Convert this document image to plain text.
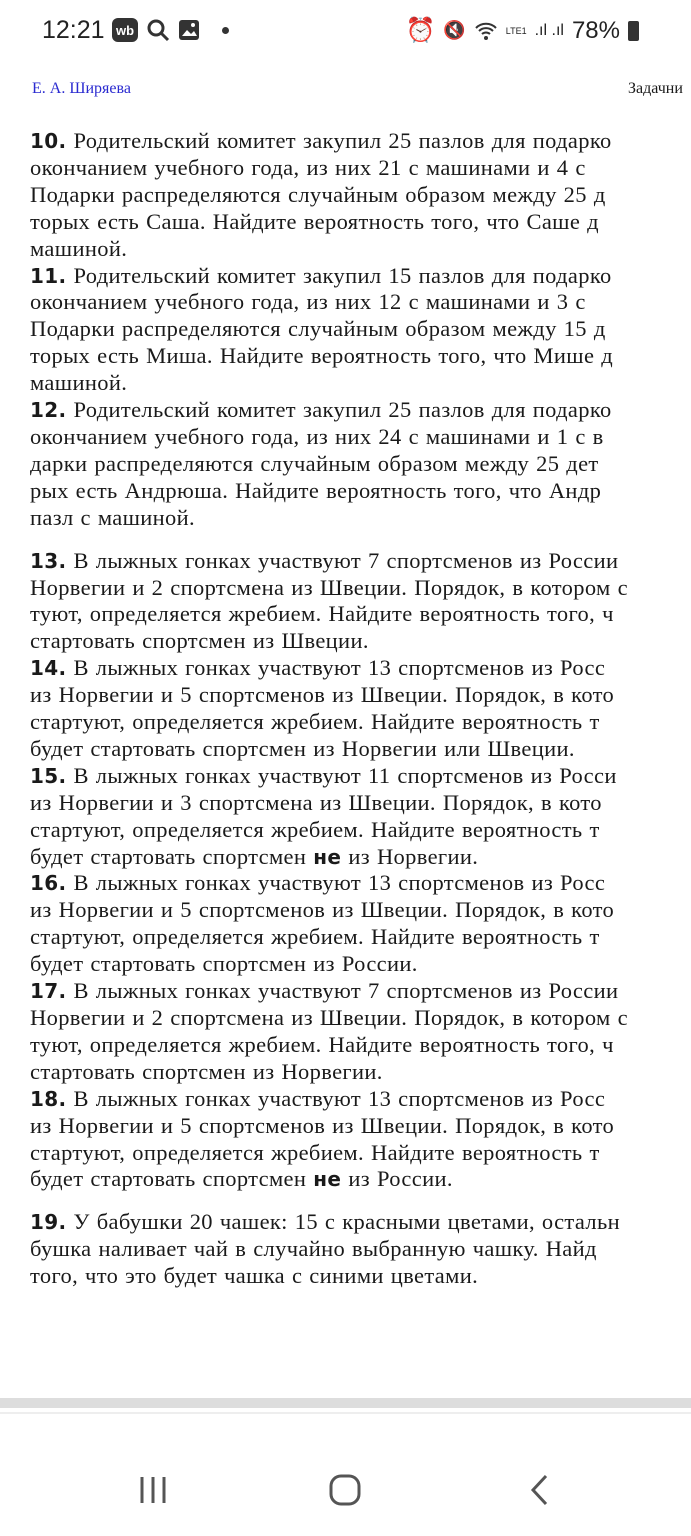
12:21 wb	⏰ 🔇	LTE1 .ıl .ıl 78%
Е. А. Ширяева	Задачни
10. Родительский комитет закупил 25 пазлов для подарко
окончанием учебного года, из них 21 с машинами и 4 с
Подарки распределяются случайным образом между 25 д
торых есть Саша. Найдите вероятность того, что Саше д
машиной.
11. Родительский комитет закупил 15 пазлов для подарко
окончанием учебного года, из них 12 с машинами и 3 с
Подарки распределяются случайным образом между 15 д
торых есть Миша. Найдите вероятность того, что Мише д
машиной.
12. Родительский комитет закупил 25 пазлов для подарко
окончанием учебного года, из них 24 с машинами и 1 с в
дарки распределяются случайным образом между 25 дет
рых есть Андрюша. Найдите вероятность того, что Андр
пазл с машиной.
13. В лыжных гонках участвуют 7 спортсменов из России
Норвегии и 2 спортсмена из Швеции. Порядок, в котором с
туют, определяется жребием. Найдите вероятность того, ч
стартовать спортсмен из Швеции.
14. В лыжных гонках участвуют 13 спортсменов из Росс
из Норвегии и 5 спортсменов из Швеции. Порядок, в кото
стартуют, определяется жребием. Найдите вероятность т
будет стартовать спортсмен из Норвегии или Швеции.
15. В лыжных гонках участвуют 11 спортсменов из Росси
из Норвегии и 3 спортсмена из Швеции. Порядок, в кото
стартуют, определяется жребием. Найдите вероятность т
будет стартовать спортсмен не из Норвегии.
16. В лыжных гонках участвуют 13 спортсменов из Росс
из Норвегии и 5 спортсменов из Швеции. Порядок, в кото
стартуют, определяется жребием. Найдите вероятность т
будет стартовать спортсмен из России.
17. В лыжных гонках участвуют 7 спортсменов из России
Норвегии и 2 спортсмена из Швеции. Порядок, в котором с
туют, определяется жребием. Найдите вероятность того, ч
стартовать спортсмен из Норвегии.
18. В лыжных гонках участвуют 13 спортсменов из Росс
из Норвегии и 5 спортсменов из Швеции. Порядок, в кото
стартуют, определяется жребием. Найдите вероятность т
будет стартовать спортсмен не из России.
19. У бабушки 20 чашек: 15 с красными цветами, остальн
бушка наливает чай в случайно выбранную чашку. Найд
того, что это будет чашка с синими цветами.
